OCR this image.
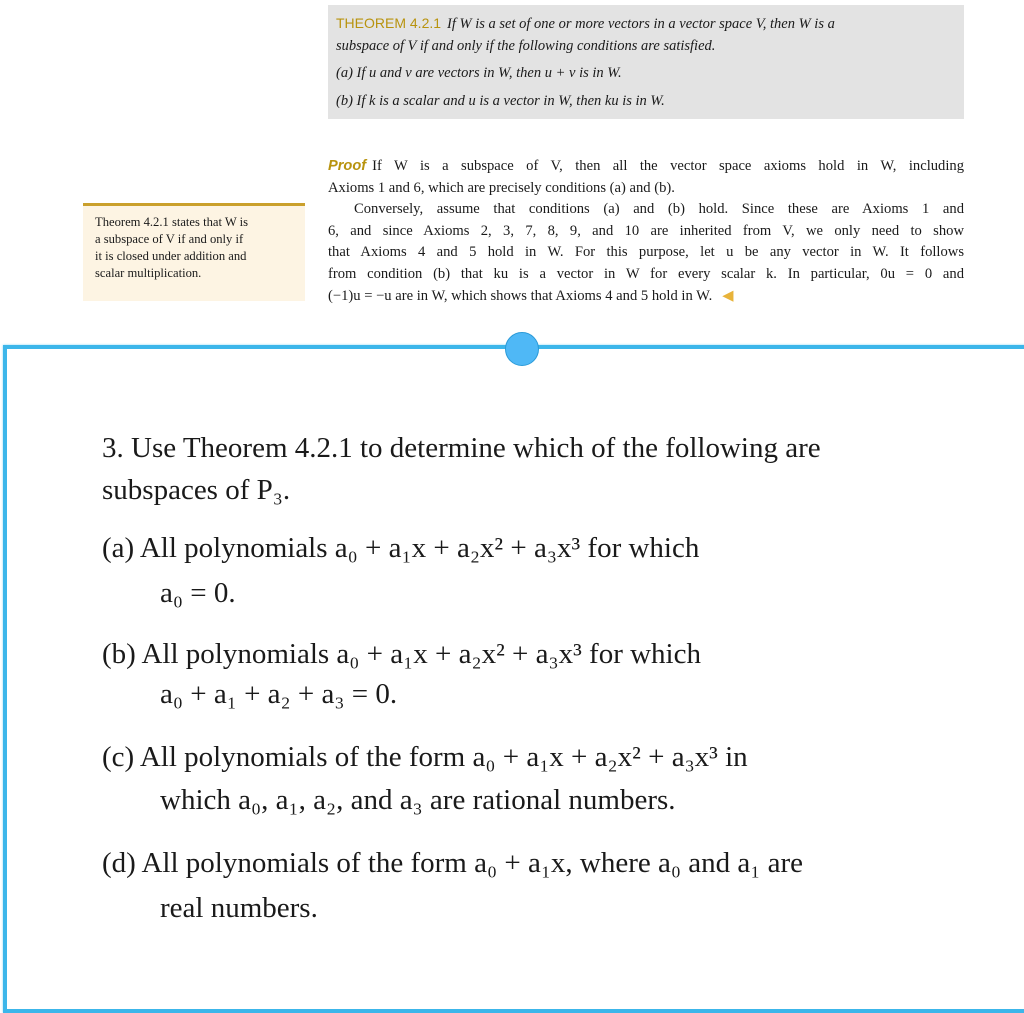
THEOREM 4.2.1 If W is a set of one or more vectors in a vector space V, then W is a
subspace of V if and only if the following conditions are satisfied.
(a) If u and v are vectors in W, then u + v is in W.
(b) If k is a scalar and u is a vector in W, then ku is in W.
Proof If W is a subspace of V, then all the vector space axioms hold in W, including
Axioms 1 and 6, which are precisely conditions (a) and (b).
Conversely, assume that conditions (a) and (b) hold. Since these are Axioms 1 and
6, and since Axioms 2, 3, 7, 8, 9, and 10 are inherited from V, we only need to show
that Axioms 4 and 5 hold in W. For this purpose, let u be any vector in W. It follows
from condition (b) that ku is a vector in W for every scalar k. In particular, 0u = 0 and
(−1)u = −u are in W, which shows that Axioms 4 and 5 hold in W. ◀
Theorem 4.2.1 states that W is
a subspace of V if and only if
it is closed under addition and
scalar multiplication.
3. Use Theorem 4.2.1 to determine which of the following are
subspaces of P₃.
(a) All polynomials a₀ + a₁x + a₂x² + a₃x³ for which
a₀ = 0.
(b) All polynomials a₀ + a₁x + a₂x² + a₃x³ for which
a₀ + a₁ + a₂ + a₃ = 0.
(c) All polynomials of the form a₀ + a₁x + a₂x² + a₃x³ in
which a₀, a₁, a₂, and a₃ are rational numbers.
(d) All polynomials of the form a₀ + a₁x, where a₀ and a₁ are
real numbers.
